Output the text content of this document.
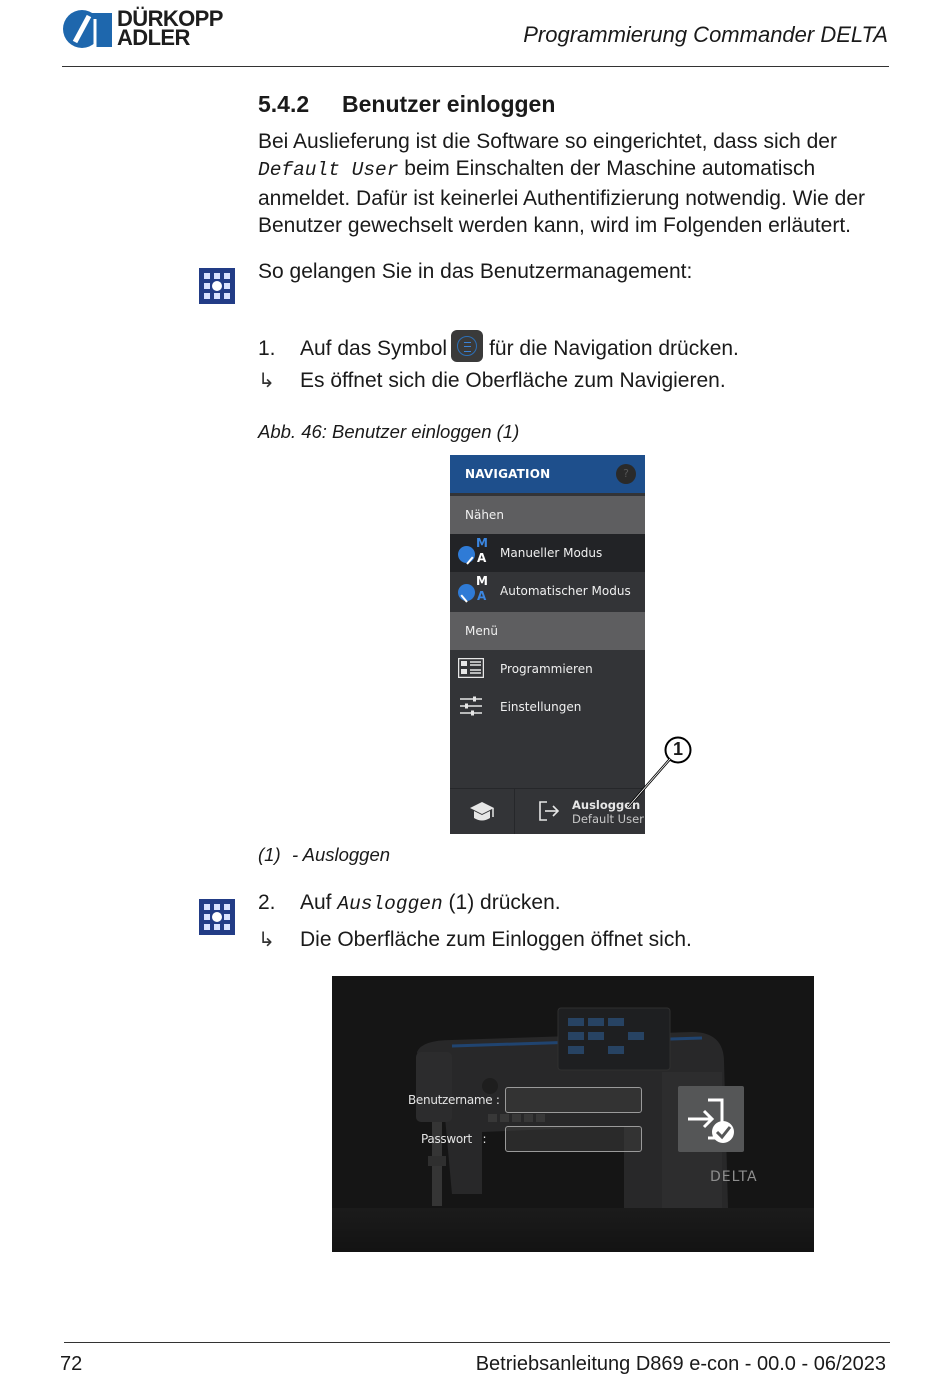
DÜRKOPP
ADLER	Programmierung Commander DELTA
5.4.2 Benutzer einloggen
Bei Auslieferung ist die Software so eingerichtet, dass sich der Default User beim Einschalten der Maschine automatisch anmeldet. Dafür ist keinerlei Authentifizierung notwendig. Wie der Benutzer gewechselt werden kann, wird im Folgenden erläutert.
So gelangen Sie in das Benutzermanagement:
1. Auf das Symbol für die Navigation drücken.
↳ Es öffnet sich die Oberfläche zum Navigieren.
Abb. 46: Benutzer einloggen (1)
NAVIGATION	?
Nähen
M
A Manueller Modus
M
A Automatischer Modus
Menü
Programmieren
Einstellungen
Ausloggen
Default User
1
(1) - Ausloggen
2. Auf Ausloggen (1) drücken.
↳ Die Oberfläche zum Einloggen öffnet sich.
Benutzername :
Passwort   :
DELTA
72	Betriebsanleitung D869 e-con - 00.0 - 06/2023
